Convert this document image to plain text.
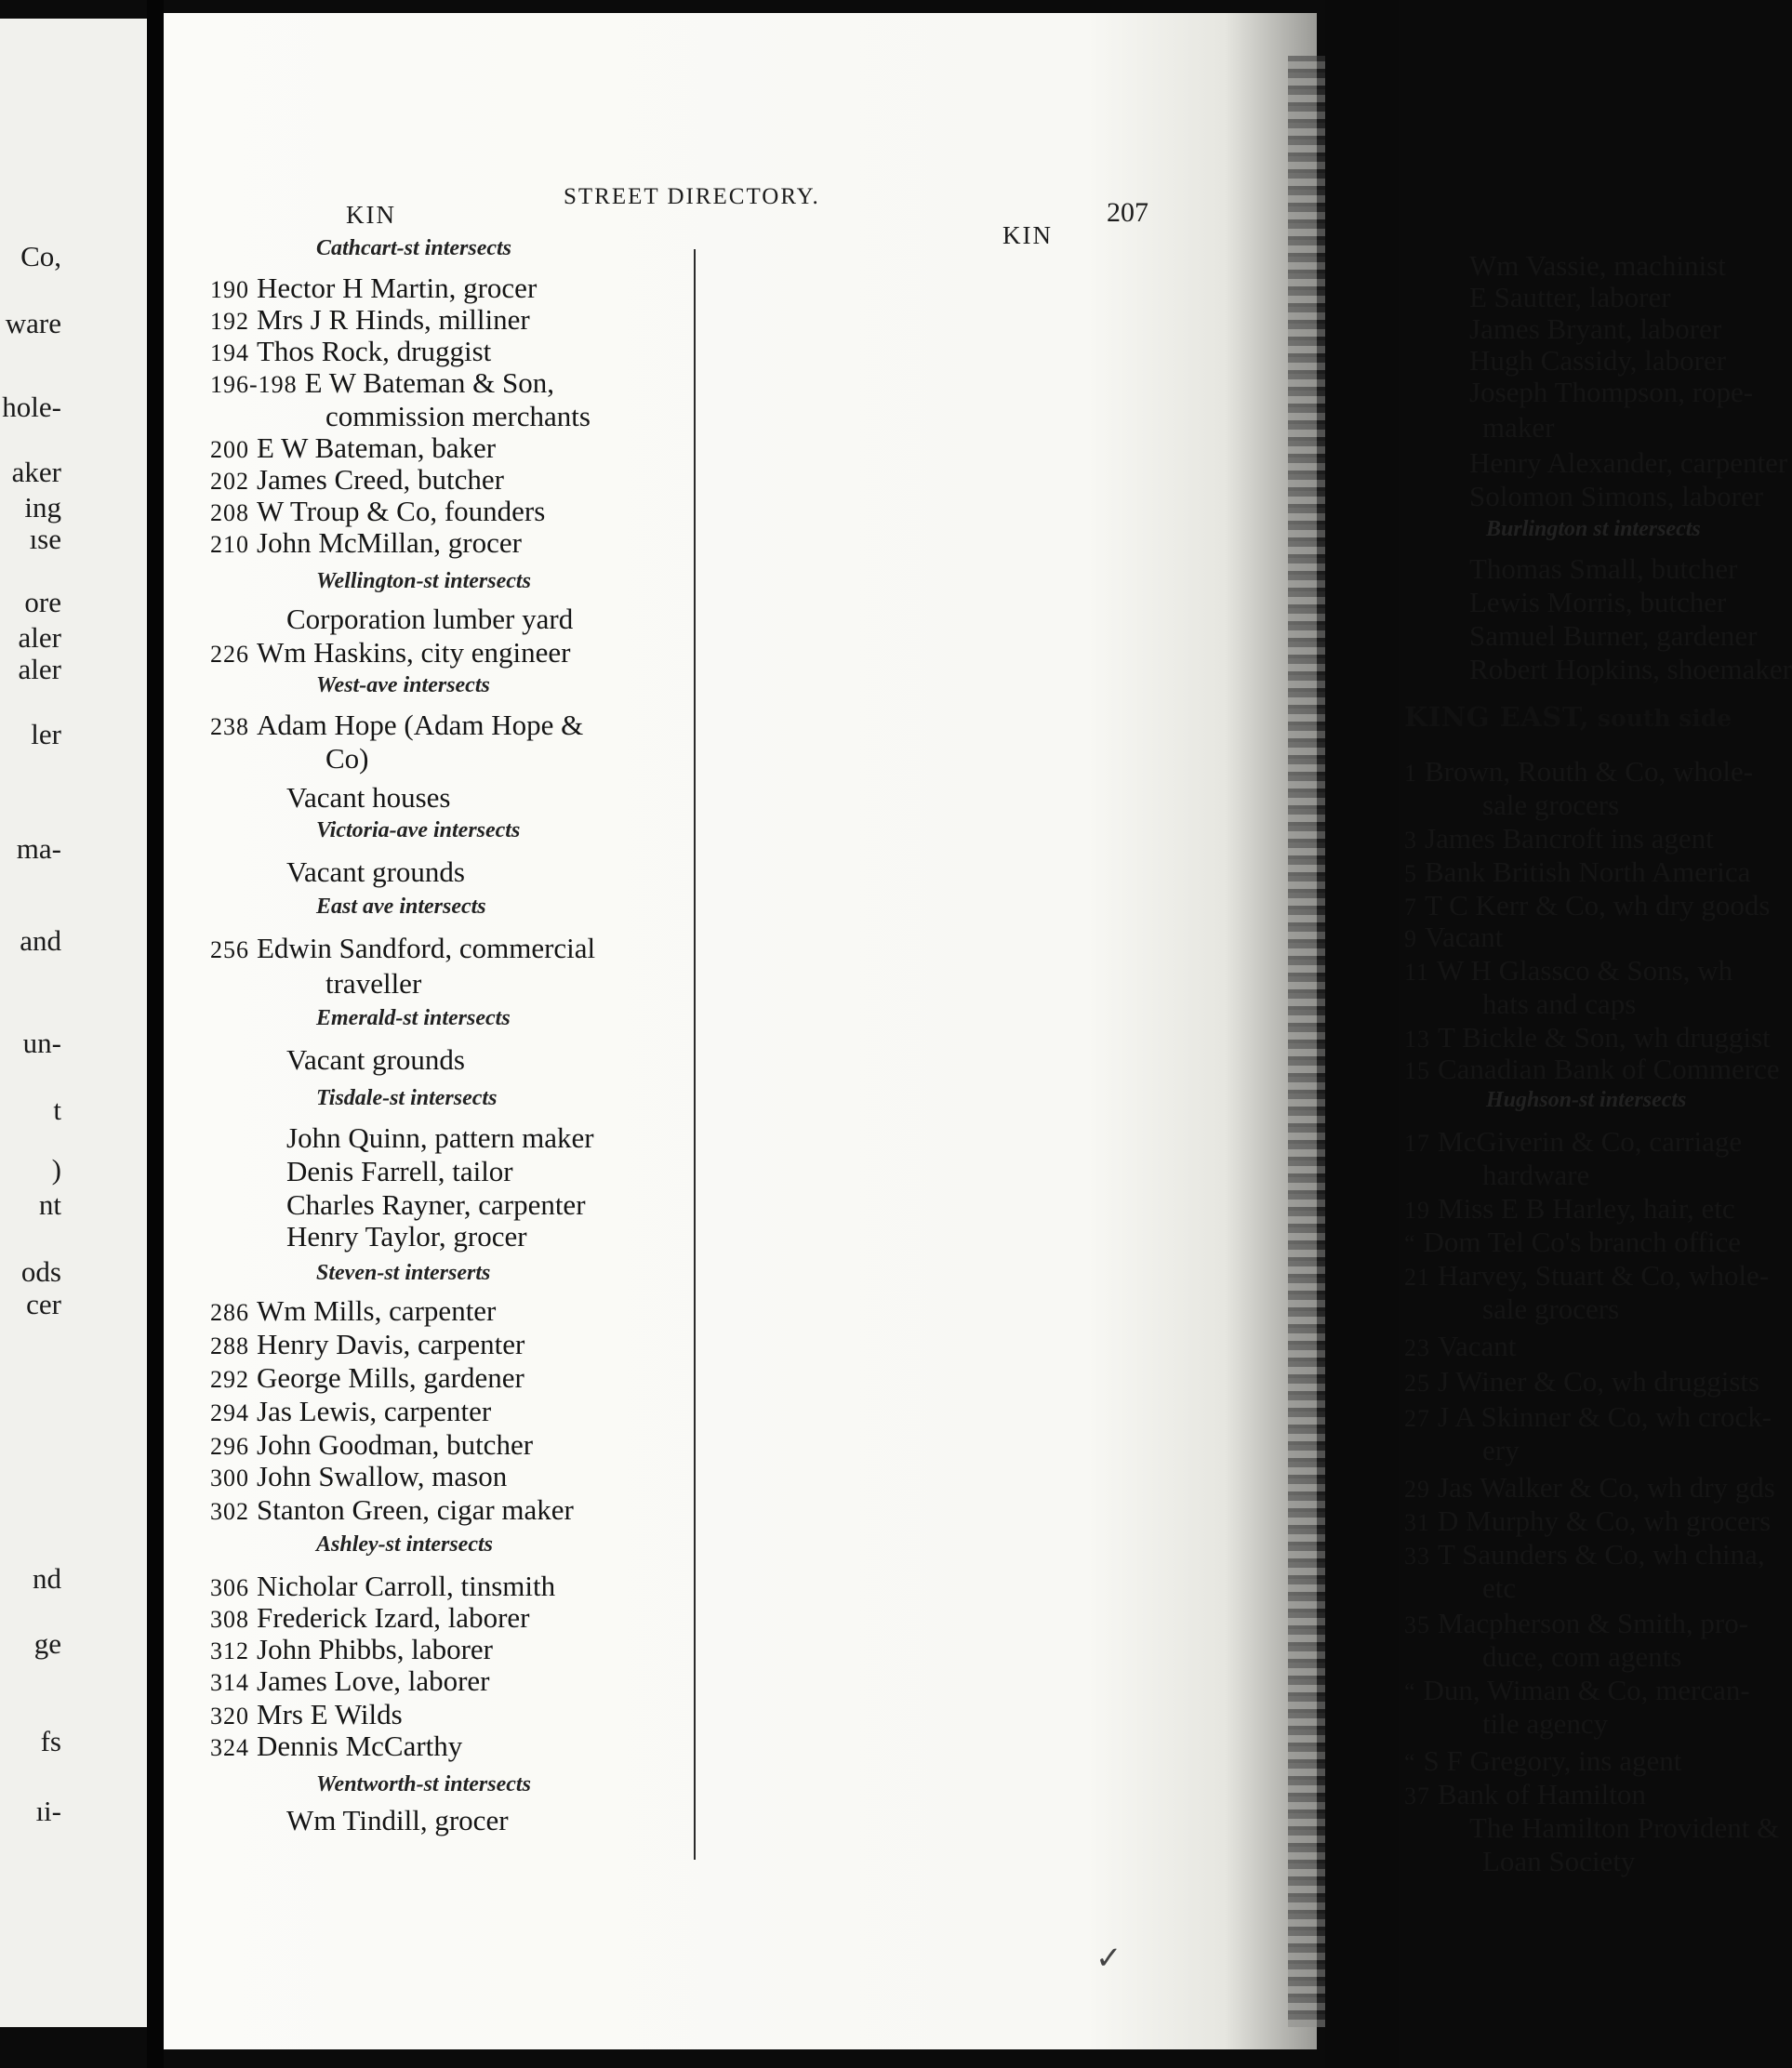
Co,
ware
hole-
aker
ing
ıse
ore
aler
aler
ler
ma-
and
un-
t
)
nt
ods
cer
nd
ge
fs
ıi-
STREET DIRECTORY.
KIN
KIN
207
Cathcart-st intersects
190 Hector H Martin, grocer
192 Mrs J R Hinds, milliner
194 Thos Rock, druggist
196-198 E W Bateman & Son,
commission merchants
200 E W Bateman, baker
202 James Creed, butcher
208 W Troup & Co, founders
210 John McMillan, grocer
Wellington-st intersects
Corporation lumber yard
226 Wm Haskins, city engineer
West-ave intersects
238 Adam Hope (Adam Hope &
Co)
Vacant houses
Victoria-ave intersects
Vacant grounds
East ave intersects
256 Edwin Sandford, commercial
traveller
Emerald-st intersects
Vacant grounds
Tisdale-st intersects
John Quinn, pattern maker
Denis Farrell, tailor
Charles Rayner, carpenter
Henry Taylor, grocer
Steven-st interserts
286 Wm Mills, carpenter
288 Henry Davis, carpenter
292 George Mills, gardener
294 Jas Lewis, carpenter
296 John Goodman, butcher
300 John Swallow, mason
302 Stanton Green, cigar maker
Ashley-st intersects
306 Nicholar Carroll, tinsmith
308 Frederick Izard, laborer
312 John Phibbs, laborer
314 James Love, laborer
320 Mrs E Wilds
324 Dennis McCarthy
Wentworth-st intersects
Wm Tindill, grocer
Wm Vassie, machinist
E Sautter, laborer
James Bryant, laborer
Hugh Cassidy, laborer
Joseph Thompson, rope-
maker
Henry Alexander, carpenter
Solomon Simons, laborer
Burlington st intersects
Thomas Small, butcher
Lewis Morris, butcher
Samuel Burner, gardener
Robert Hopkins, shoemaker
KING EAST, south side
1 Brown, Routh & Co, whole-
sale grocers
3 James Bancroft ins agent
5 Bank British North America
7 T C Kerr & Co, wh dry goods
9 Vacant
11 W H Glassco & Sons, wh
hats and caps
13 T Bickle & Son, wh druggist
15 Canadian Bank of Commerce
Hughson-st intersects
17 McGiverin & Co, carriage
hardware
19 Miss E B Harley, hair, etc
“ Dom Tel Co's branch office
21 Harvey, Stuart & Co, whole-
sale grocers
23 Vacant
25 J Winer & Co, wh druggists
27 J A Skinner & Co, wh crock-
ery
29 Jas Walker & Co, wh dry gds
31 D Murphy & Co, wh grocers
33 T Saunders & Co, wh china,
etc
35 Macpherson & Smith, pro-
duce, com agents
“ Dun, Wiman & Co, mercan-
tile agency
“ S F Gregory, ins agent
37 Bank of Hamilton
The Hamilton Provident &
Loan Society
✓
